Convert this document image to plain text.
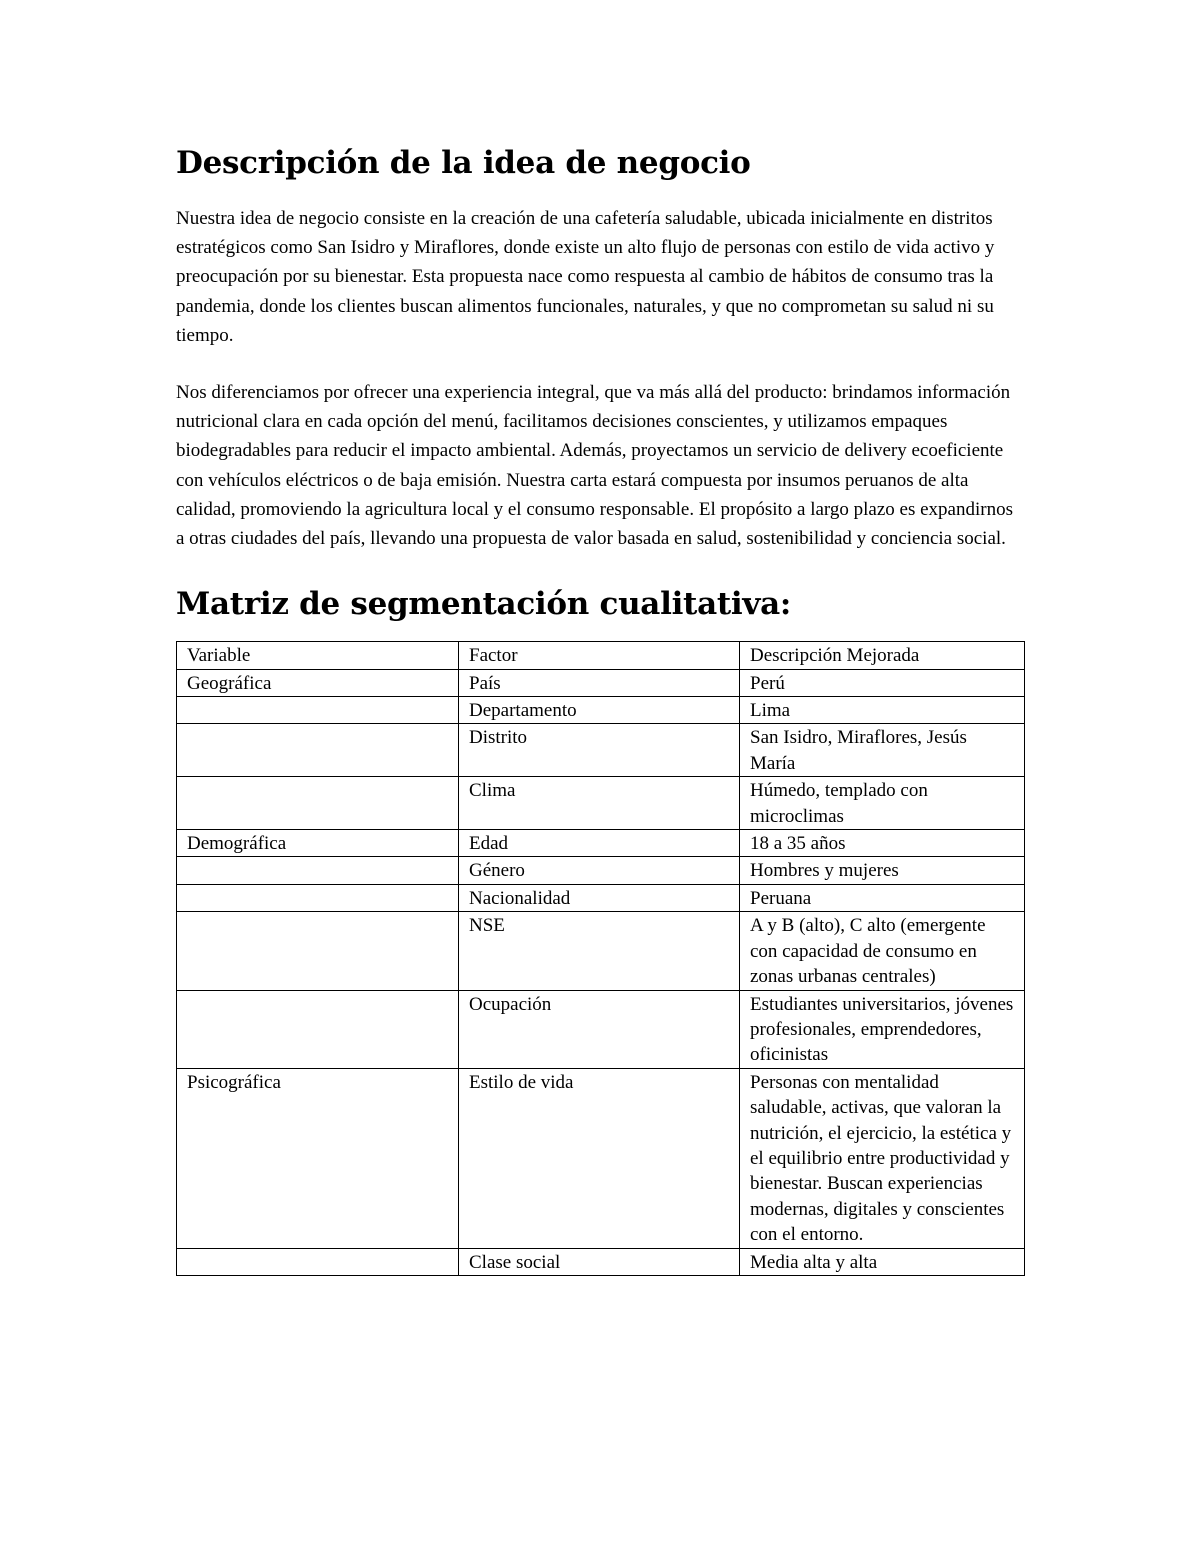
Descripción de la idea de negocio

Nuestra idea de negocio consiste en la creación de una cafetería saludable, ubicada inicialmente en distritos estratégicos como San Isidro y Miraflores, donde existe un alto flujo de personas con estilo de vida activo y preocupación por su bienestar. Esta propuesta nace como respuesta al cambio de hábitos de consumo tras la pandemia, donde los clientes buscan alimentos funcionales, naturales, y que no comprometan su salud ni su tiempo.

Nos diferenciamos por ofrecer una experiencia integral, que va más allá del producto: brindamos información nutricional clara en cada opción del menú, facilitamos decisiones conscientes, y utilizamos empaques biodegradables para reducir el impacto ambiental. Además, proyectamos un servicio de delivery ecoeficiente con vehículos eléctricos o de baja emisión. Nuestra carta estará compuesta por insumos peruanos de alta calidad, promoviendo la agricultura local y el consumo responsable. El propósito a largo plazo es expandirnos a otras ciudades del país, llevando una propuesta de valor basada en salud, sostenibilidad y conciencia social.

Matriz de segmentación cualitativa:
Variable	Factor	Descripción Mejorada
Geográfica	País	Perú
	Departamento	Lima
	Distrito	San Isidro, Miraflores, Jesús María
	Clima	Húmedo, templado con microclimas
Demográfica	Edad	18 a 35 años
	Género	Hombres y mujeres
	Nacionalidad	Peruana
	NSE	A y B (alto), C alto (emergente con capacidad de consumo en zonas urbanas centrales)
	Ocupación	Estudiantes universitarios, jóvenes profesionales, emprendedores, oficinistas
Psicográfica	Estilo de vida	Personas con mentalidad saludable, activas, que valoran la nutrición, el ejercicio, la estética y el equilibrio entre productividad y bienestar. Buscan experiencias modernas, digitales y conscientes con el entorno.
	Clase social	Media alta y alta
